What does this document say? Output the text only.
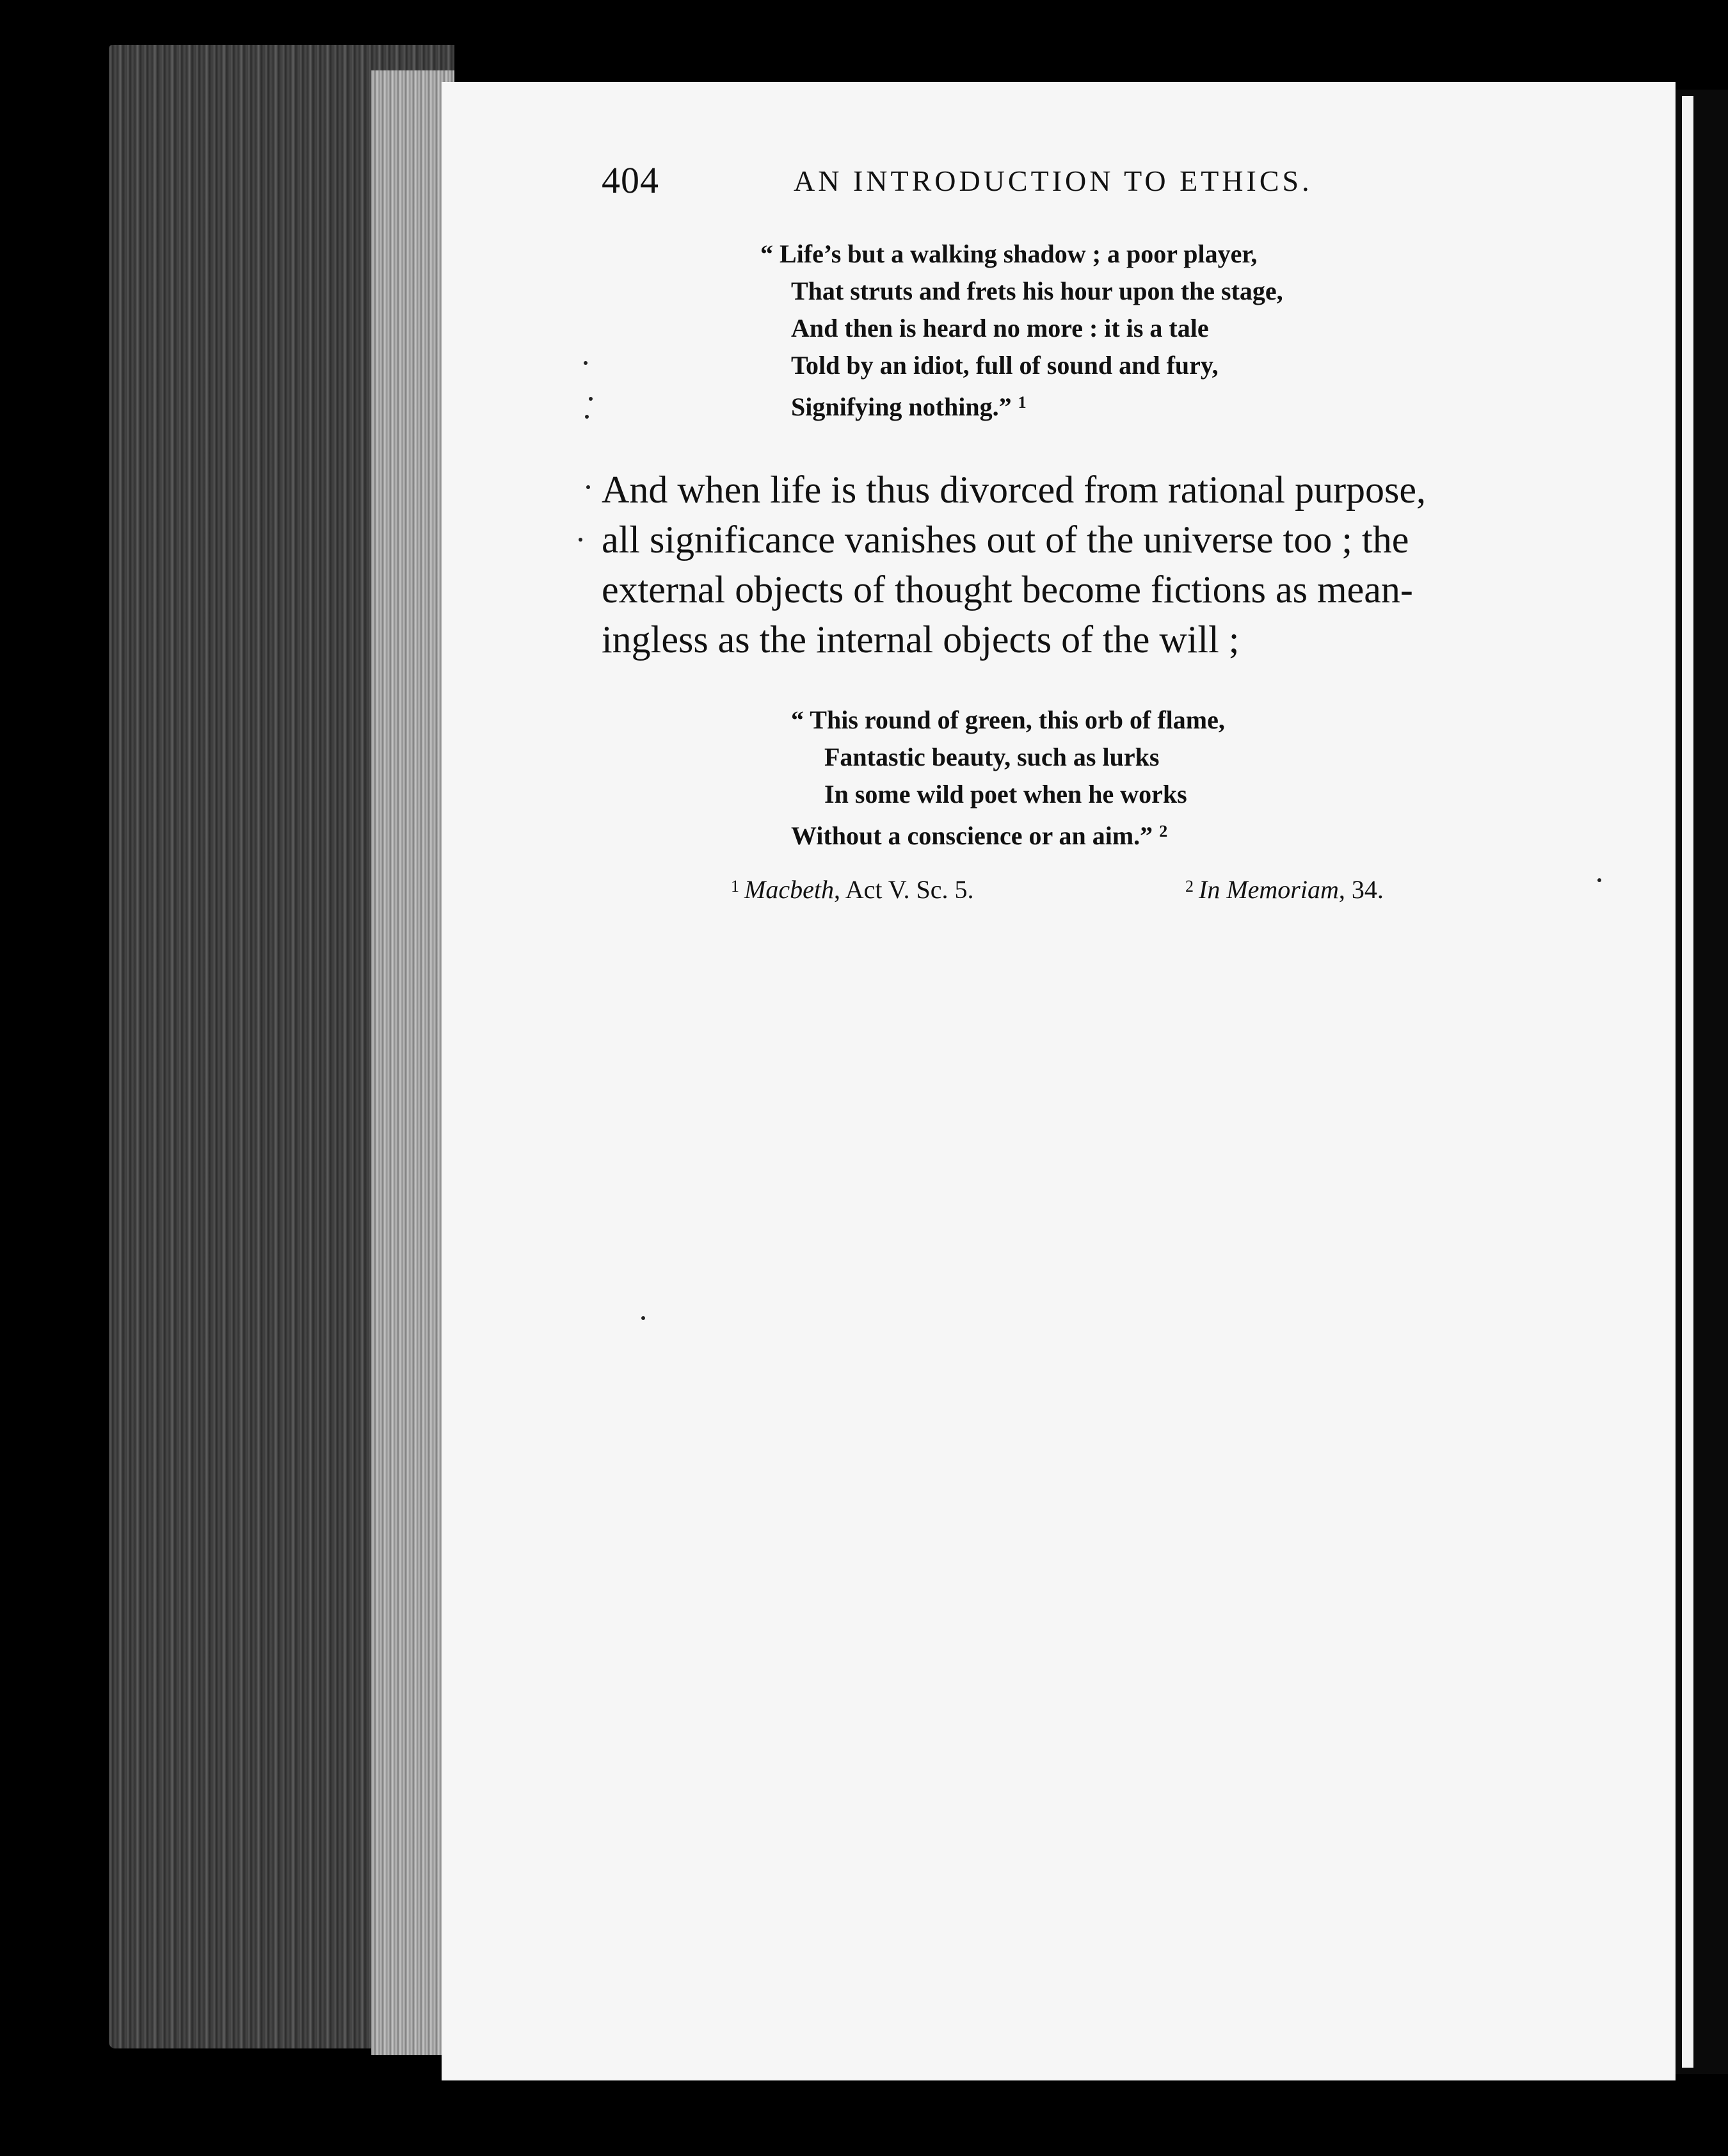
404	AN INTRODUCTION TO ETHICS.
“ Life’s but a walking shadow ; a poor player,
That struts and frets his hour upon the stage,
And then is heard no more : it is a tale
Told by an idiot, full of sound and fury,
Signifying nothing.” $^1$
And when life is thus divorced from rational purpose,
all significance vanishes out of the universe too ; the
external objects of thought become fictions as mean-
ingless as the internal objects of the will ;
“ This round of green, this orb of flame,
Fantastic beauty, such as lurks
In some wild poet when he works
Without a conscience or an aim.” $^2$
$^1$ Macbeth, Act V. Sc. 5.	$^2$ In Memoriam, 34.
